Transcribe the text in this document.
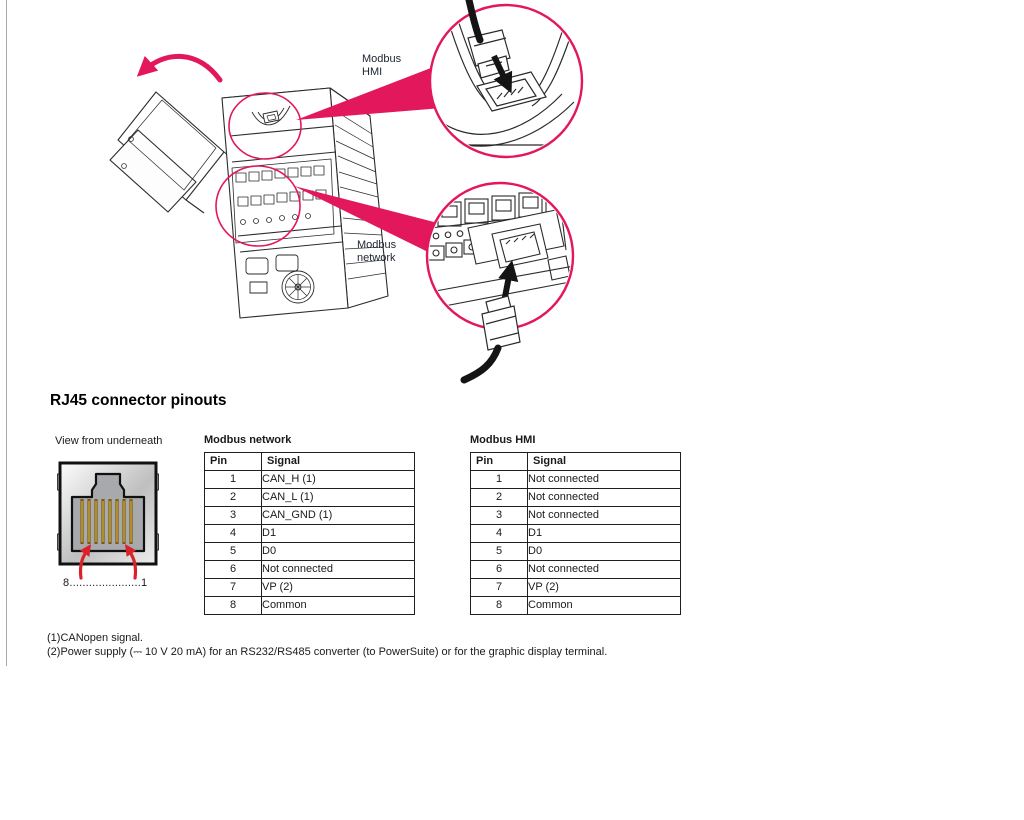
Modbus
HMI
Modbus
network
RJ45 connector pinouts
View from underneath
8......................1
Modbus network
Pin	Signal
1	CAN_H (1)
2	CAN_L (1)
3	CAN_GND (1)
4	D1
5	D0
6	Not connected
7	VP (2)
8	Common
Modbus HMI
Pin	Signal
1	Not connected
2	Not connected
3	Not connected
4	D1
5	D0
6	Not connected
7	VP (2)
8	Common
(1)CANopen signal.
(2)Power supply (⎓ 10 V 20 mA) for an RS232/RS485 converter (to PowerSuite) or for the graphic display terminal.
